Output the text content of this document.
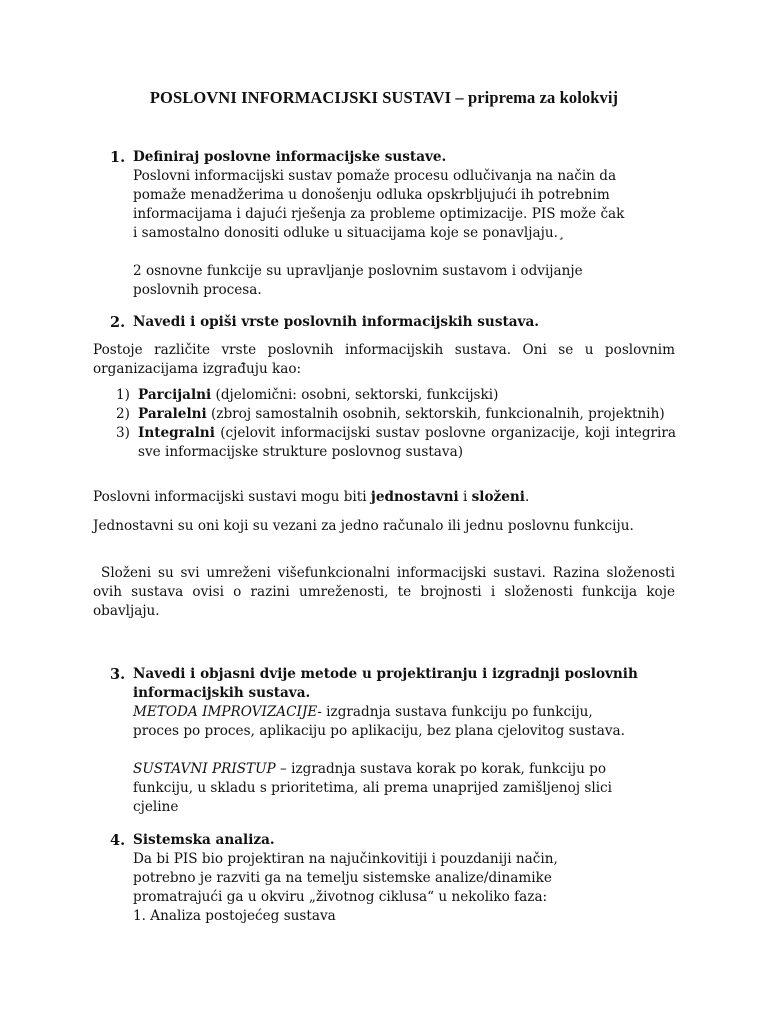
POSLOVNI INFORMACIJSKI SUSTAVI – priprema za kolokvij
1. Definiraj poslovne informacijske sustave.
Poslovni informacijski sustav pomaže procesu odlučivanja na način da
pomaže menadžerima u donošenju odluka opskrbljujući ih potrebnim
informacijama i dajući rješenja za probleme optimizacije. PIS može čak
i samostalno donositi odluke u situacijama koje se ponavljaju.¸
2 osnovne funkcije su upravljanje poslovnim sustavom i odvijanje
poslovnih procesa.
2. Navedi i opiši vrste poslovnih informacijskih sustava.
Postoje različite vrste poslovnih informacijskih sustava. Oni se u poslovnim organizacijama izgrađuju kao:
1) Parcijalni (djelomični: osobni, sektorski, funkcijski)
2) Paralelni (zbroj samostalnih osobnih, sektorskih, funkcionalnih, projektnih)
3) Integralni (cjelovit informacijski sustav poslovne organizacije, koji integrira sve informacijske strukture poslovnog sustava)
Poslovni informacijski sustavi mogu biti jednostavni i složeni.
Jednostavni su oni koji su vezani za jedno računalo ili jednu poslovnu funkciju.
Složeni su svi umreženi višefunkcionalni informacijski sustavi. Razina složenosti ovih sustava ovisi o razini umreženosti, te brojnosti i složenosti funkcija koje obavljaju.
3. Navedi i objasni dvije metode u projektiranju i izgradnji poslovnih
informacijskih sustava.
METODA IMPROVIZACIJE- izgradnja sustava funkciju po funkciju,
proces po proces, aplikaciju po aplikaciju, bez plana cjelovitog sustava.
SUSTAVNI PRISTUP – izgradnja sustava korak po korak, funkciju po
funkciju, u skladu s prioritetima, ali prema unaprijed zamišljenoj slici
cjeline
4. Sistemska analiza.
Da bi PIS bio projektiran na najučinkovitiji i pouzdaniji način,
potrebno je razviti ga na temelju sistemske analize/dinamike
promatrajući ga u okviru „životnog ciklusa“ u nekoliko faza:
1. Analiza postojećeg sustava
